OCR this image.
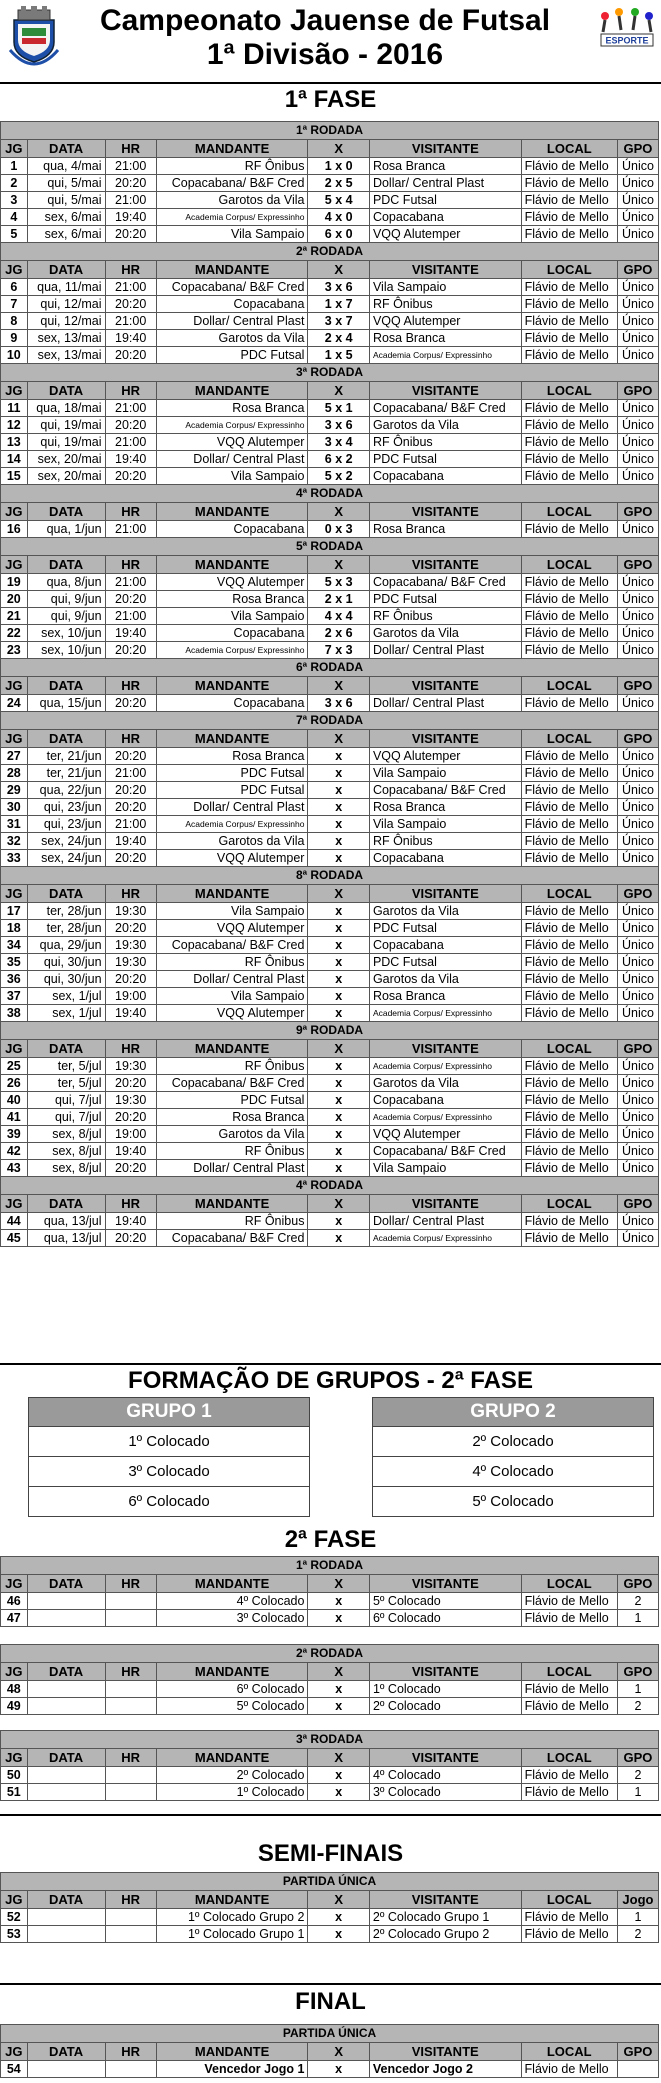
Campeonato Jauense de Futsal
1ª Divisão - 2016	ESPORTE
1ª FASE
1ª RODADA							
JG	DATA	HR	MANDANTE	X	VISITANTE	LOCAL	GPO
1	qua, 4/mai	21:00	RF Ônibus	1 x 0	Rosa Branca	Flávio de Mello	Único
2	qui, 5/mai	20:20	Copacabana/ B&F Cred	2 x 5	Dollar/ Central Plast	Flávio de Mello	Único
3	qui, 5/mai	21:00	Garotos da Vila	5 x 4	PDC Futsal	Flávio de Mello	Único
4	sex, 6/mai	19:40	Academia Corpus/ Expressinho	4 x 0	Copacabana	Flávio de Mello	Único
5	sex, 6/mai	20:20	Vila Sampaio	6 x 0	VQQ Alutemper	Flávio de Mello	Único
2ª RODADA							
JG	DATA	HR	MANDANTE	X	VISITANTE	LOCAL	GPO
6	qua, 11/mai	21:00	Copacabana/ B&F Cred	3 x 6	Vila Sampaio	Flávio de Mello	Único
7	qui, 12/mai	20:20	Copacabana	1 x 7	RF Ônibus	Flávio de Mello	Único
8	qui, 12/mai	21:00	Dollar/ Central Plast	3 x 7	VQQ Alutemper	Flávio de Mello	Único
9	sex, 13/mai	19:40	Garotos da Vila	2 x 4	Rosa Branca	Flávio de Mello	Único
10	sex, 13/mai	20:20	PDC Futsal	1 x 5	Academia Corpus/ Expressinho	Flávio de Mello	Único
3ª RODADA							
JG	DATA	HR	MANDANTE	X	VISITANTE	LOCAL	GPO
11	qua, 18/mai	21:00	Rosa Branca	5 x 1	Copacabana/ B&F Cred	Flávio de Mello	Único
12	qui, 19/mai	20:20	Academia Corpus/ Expressinho	3 x 6	Garotos da Vila	Flávio de Mello	Único
13	qui, 19/mai	21:00	VQQ Alutemper	3 x 4	RF Ônibus	Flávio de Mello	Único
14	sex, 20/mai	19:40	Dollar/ Central Plast	6 x 2	PDC Futsal	Flávio de Mello	Único
15	sex, 20/mai	20:20	Vila Sampaio	5 x 2	Copacabana	Flávio de Mello	Único
4ª RODADA							
JG	DATA	HR	MANDANTE	X	VISITANTE	LOCAL	GPO
16	qua, 1/jun	21:00	Copacabana	0 x 3	Rosa Branca	Flávio de Mello	Único
5ª RODADA							
JG	DATA	HR	MANDANTE	X	VISITANTE	LOCAL	GPO
19	qua, 8/jun	21:00	VQQ Alutemper	5 x 3	Copacabana/ B&F Cred	Flávio de Mello	Único
20	qui, 9/jun	20:20	Rosa Branca	2 x 1	PDC Futsal	Flávio de Mello	Único
21	qui, 9/jun	21:00	Vila Sampaio	4 x 4	RF Ônibus	Flávio de Mello	Único
22	sex, 10/jun	19:40	Copacabana	2 x 6	Garotos da Vila	Flávio de Mello	Único
23	sex, 10/jun	20:20	Academia Corpus/ Expressinho	7 x 3	Dollar/ Central Plast	Flávio de Mello	Único
6ª RODADA							
JG	DATA	HR	MANDANTE	X	VISITANTE	LOCAL	GPO
24	qua, 15/jun	20:20	Copacabana	3 x 6	Dollar/ Central Plast	Flávio de Mello	Único
7ª RODADA							
JG	DATA	HR	MANDANTE	X	VISITANTE	LOCAL	GPO
27	ter, 21/jun	20:20	Rosa Branca	x	VQQ Alutemper	Flávio de Mello	Único
28	ter, 21/jun	21:00	PDC Futsal	x	Vila Sampaio	Flávio de Mello	Único
29	qua, 22/jun	20:20	PDC Futsal	x	Copacabana/ B&F Cred	Flávio de Mello	Único
30	qui, 23/jun	20:20	Dollar/ Central Plast	x	Rosa Branca	Flávio de Mello	Único
31	qui, 23/jun	21:00	Academia Corpus/ Expressinho	x	Vila Sampaio	Flávio de Mello	Único
32	sex, 24/jun	19:40	Garotos da Vila	x	RF Ônibus	Flávio de Mello	Único
33	sex, 24/jun	20:20	VQQ Alutemper	x	Copacabana	Flávio de Mello	Único
8ª RODADA							
JG	DATA	HR	MANDANTE	X	VISITANTE	LOCAL	GPO
17	ter, 28/jun	19:30	Vila Sampaio	x	Garotos da Vila	Flávio de Mello	Único
18	ter, 28/jun	20:20	VQQ Alutemper	x	PDC Futsal	Flávio de Mello	Único
34	qua, 29/jun	19:30	Copacabana/ B&F Cred	x	Copacabana	Flávio de Mello	Único
35	qui, 30/jun	19:30	RF Ônibus	x	PDC Futsal	Flávio de Mello	Único
36	qui, 30/jun	20:20	Dollar/ Central Plast	x	Garotos da Vila	Flávio de Mello	Único
37	sex, 1/jul	19:00	Vila Sampaio	x	Rosa Branca	Flávio de Mello	Único
38	sex, 1/jul	19:40	VQQ Alutemper	x	Academia Corpus/ Expressinho	Flávio de Mello	Único
9ª RODADA							
JG	DATA	HR	MANDANTE	X	VISITANTE	LOCAL	GPO
25	ter, 5/jul	19:30	RF Ônibus	x	Academia Corpus/ Expressinho	Flávio de Mello	Único
26	ter, 5/jul	20:20	Copacabana/ B&F Cred	x	Garotos da Vila	Flávio de Mello	Único
40	qui, 7/jul	19:30	PDC Futsal	x	Copacabana	Flávio de Mello	Único
41	qui, 7/jul	20:20	Rosa Branca	x	Academia Corpus/ Expressinho	Flávio de Mello	Único
39	sex, 8/jul	19:00	Garotos da Vila	x	VQQ Alutemper	Flávio de Mello	Único
42	sex, 8/jul	19:40	RF Ônibus	x	Copacabana/ B&F Cred	Flávio de Mello	Único
43	sex, 8/jul	20:20	Dollar/ Central Plast	x	Vila Sampaio	Flávio de Mello	Único
4ª RODADA							
JG	DATA	HR	MANDANTE	X	VISITANTE	LOCAL	GPO
44	qua, 13/jul	19:40	RF Ônibus	x	Dollar/ Central Plast	Flávio de Mello	Único
45	qua, 13/jul	20:20	Copacabana/ B&F Cred	x	Academia Corpus/ Expressinho	Flávio de Mello	Único
FORMAÇÃO DE GRUPOS - 2ª FASE
GRUPO 1
1º Colocado
3º Colocado
6º Colocado
GRUPO 2
2º Colocado
4º Colocado
5º Colocado
2ª FASE
1ª RODADA							
JG	DATA	HR	MANDANTE	X	VISITANTE	LOCAL	GPO
46			4º Colocado	x	5º Colocado	Flávio de Mello	2
47			3º Colocado	x	6º Colocado	Flávio de Mello	1
2ª RODADA							
JG	DATA	HR	MANDANTE	X	VISITANTE	LOCAL	GPO
48			6º Colocado	x	1º Colocado	Flávio de Mello	1
49			5º Colocado	x	2º Colocado	Flávio de Mello	2
3ª RODADA							
JG	DATA	HR	MANDANTE	X	VISITANTE	LOCAL	GPO
50			2º Colocado	x	4º Colocado	Flávio de Mello	2
51			1º Colocado	x	3º Colocado	Flávio de Mello	1
SEMI-FINAIS
PARTIDA ÚNICA							
JG	DATA	HR	MANDANTE	X	VISITANTE	LOCAL	Jogo
52			1º Colocado Grupo 2	x	2º Colocado Grupo 1	Flávio de Mello	1
53			1º Colocado Grupo 1	x	2º Colocado Grupo 2	Flávio de Mello	2
FINAL
PARTIDA ÚNICA							
JG	DATA	HR	MANDANTE	X	VISITANTE	LOCAL	GPO
54			Vencedor Jogo 1	x	Vencedor Jogo 2	Flávio de Mello	
